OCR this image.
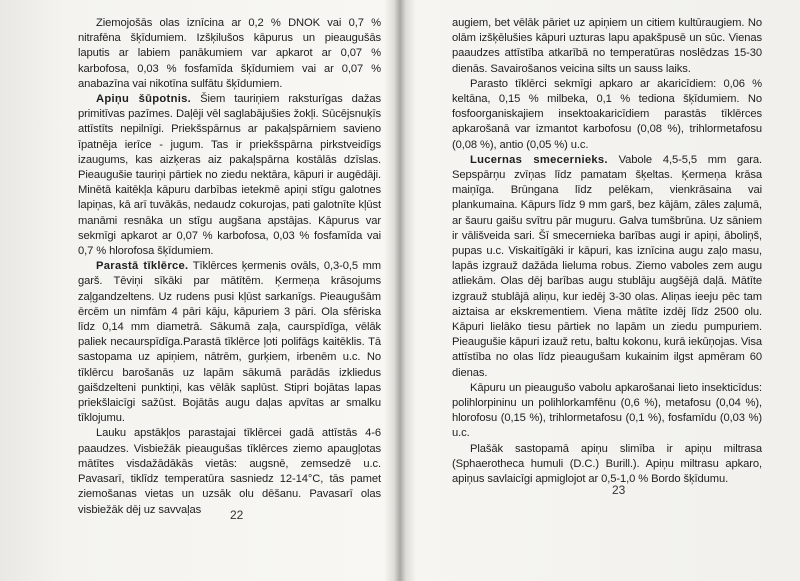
Ziemojošās olas iznīcina ar 0,2 % DNOK vai 0,7 % nitrafēna šķīdumiem. Izšķilušos kāpurus un pieaugušās laputis ar labiem panākumiem var apkarot ar 0,07 % karbofosa, 0,03 % fosfamīda šķīdumiem vai ar 0,07 % anabazīna vai nikotīna sulfātu šķīdumiem.

Apiņu šūpotnis. Šiem tauriņiem raksturīgas dažas primitīvas pazīmes. Daļēji vēl saglabājušies žokļi. Sūcējsnuķīs attīstīts nepilnīgi. Priekšspārnus ar pakaļspārniem savieno īpatnēja ierīce - jugum. Tas ir priekšspārna pirkstveidīgs izaugums, kas aizķeras aiz pakaļspārna kostālās dzīslas. Pieaugušie tauriņi pārtiek no ziedu nektāra, kāpuri ir augēdāji. Minētā kaitēkļa kāpuru darbības ietekmē apiņi stīgu galotnes lapiņas, kā arī tuvākās, nedaudz cokurojas, pati galotnīte kļūst manāmi resnāka un stīgu augšana apstājas. Kāpurus var sekmīgi apkarot ar 0,07 % karbofosa, 0,03 % fosfamīda vai 0,7 % hlorofosa šķīdumiem.

Parastā tīklērce. Tīklērces ķermenis ovāls, 0,3-0,5 mm garš. Tēviņi sīkāki par mātītēm. Ķermeņa krāsojums zaļgandzeltens. Uz rudens pusi kļūst sarkanīgs. Pieaugušām ērcēm un nimfām 4 pāri kāju, kāpuriem 3 pāri. Ola sfēriska līdz 0,14 mm diametrā. Sākumā zaļa, caurspīdīga, vēlāk paliek necaurspīdīga.Parastā tīklērce ļoti polifāgs kaitēklis. Tā sastopama uz apiņiem, nātrēm, gurķiem, irbenēm u.c. No tīklērcu barošanās uz lapām sākumā parādās izkliedus gaišdzelteni punktiņi, kas vēlāk saplūst. Stipri bojātas lapas priekšlaicīgi sažūst. Bojātās augu daļas apvītas ar smalku tīklojumu.

Lauku apstākļos parastajai tīklērcei gadā attīstās 4-6 paaudzes. Visbiežāk pieaugušas tīklērces ziemo apaugļotas mātītes visdažādākās vietās: augsnē, zemsedzē u.c. Pavasarī, tiklīdz temperatūra sasniedz 12-14°C, tās pamet ziemošanas vietas un uzsāk olu dēšanu. Pavasarī olas visbiežāk dēj uz savvaļas	22

augiem, bet vēlāk pāriet uz apiņiem un citiem kultūraugiem. No olām izšķēlušies kāpuri uzturas lapu apakšpusē un sūc. Vienas paaudzes attīstība atkarībā no temperatūras noslēdzas 15-30 dienās. Savairošanos veicina silts un sauss laiks.

Parasto tīklērci sekmīgi apkaro ar akaricīdiem: 0,06 % keltāna, 0,15 % milbeka, 0,1 % tediona šķīdumiem. No fosfoorganiskajiem insektoakaricīdiem parastās tīklērces apkarošanā var izmantot karbofosu (0,08 %), trihlormetafosu (0,08 %), antio (0,05 %) u.c.

Lucernas smecernieks. Vabole 4,5-5,5 mm gara. Sepspārņu zvīņas līdz pamatam šķeltas. Ķermeņa krāsa maiņīga. Brūngana līdz pelēkam, vienkrāsaina vai plankumaina. Kāpurs līdz 9 mm garš, bez kājām, zāles zaļumā, ar šauru gaišu svītru pār muguru. Galva tumšbrūna. Uz sāniem ir vālišveida sari. Šī smecernieka barības augi ir apiņi, āboliņš, pupas u.c. Viskaitīgāki ir kāpuri, kas iznīcina augu zaļo masu, lapās izgrauž dažāda lieluma robus. Ziemo vaboles zem augu atliekām. Olas dēj barības augu stublāju augšējā daļā. Mātīte izgrauž stublājā aliņu, kur iedēj 3-30 olas. Aliņas ieeju pēc tam aiztaisa ar ekskrementiem. Viena mātīte izdēj līdz 2500 olu. Kāpuri lielāko tiesu pārtiek no lapām un ziedu pumpuriem. Pieaugušie kāpuri izauž retu, baltu kokonu, kurā iekūņojas. Visa attīstība no olas līdz pieaugušam kukainim ilgst apmēram 60 dienas.

Kāpuru un pieaugušo vabolu apkarošanai lieto insekticīdus: polihlorpininu un polihlorkamfēnu (0,6 %), metafosu (0,04 %), hlorofosu (0,15 %), trihlormetafosu (0,1 %), fosfamīdu (0,03 %) u.c.

Plašāk sastopamā apiņu slimība ir apiņu miltrasa (Sphaerotheca humuli (D.C.) Burill.). Apiņu miltrasu apkaro, apiņus savlaicīgi apmiglojot ar 0,5-1,0 % Bordo šķīdumu.

23
